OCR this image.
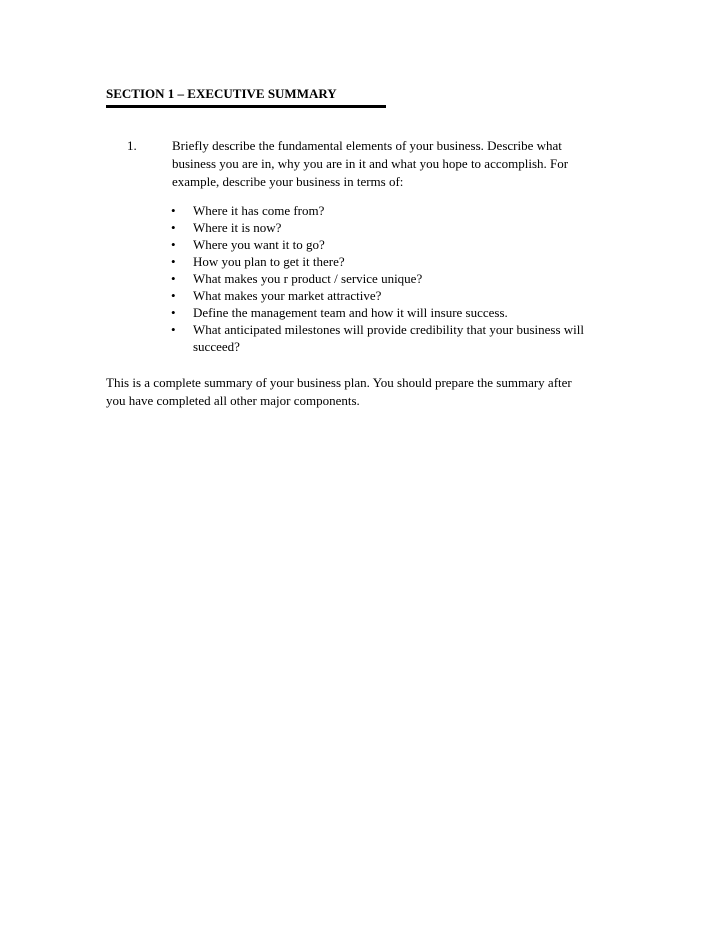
SECTION 1 – EXECUTIVE SUMMARY
1.	Briefly describe the fundamental elements of your business. Describe what business you are in, why you are in it and what you hope to accomplish. For example, describe your business in terms of:
• Where it has come from?
• Where it is now?
• Where you want it to go?
• How you plan to get it there?
• What makes you r product / service unique?
• What makes your market attractive?
• Define the management team and how it will insure success.
• What anticipated milestones will provide credibility that your business will succeed?
This is a complete summary of your business plan. You should prepare the summary after you have completed all other major components.
